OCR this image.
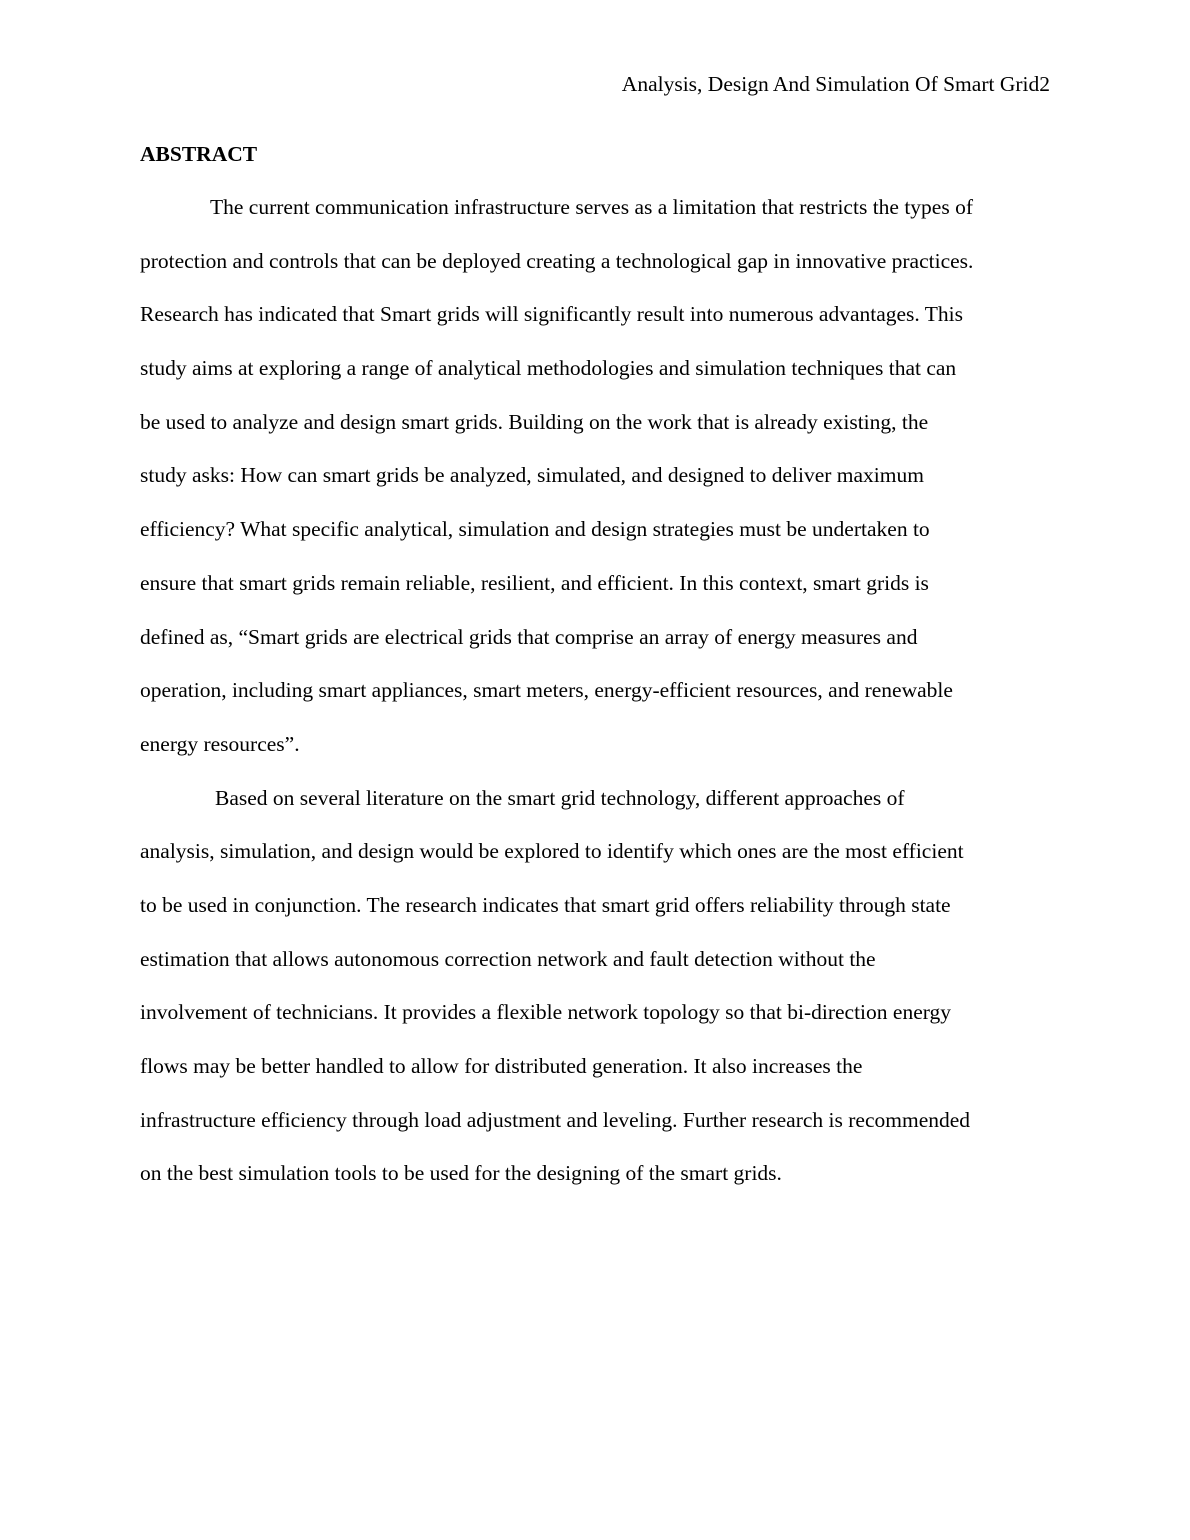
Analysis, Design And Simulation Of Smart Grid2
ABSTRACT
The current communication infrastructure serves as a limitation that restricts the types of
protection and controls that can be deployed creating a technological gap in innovative practices.
Research has indicated that Smart grids will significantly result into numerous advantages. This
study aims at exploring a range of analytical methodologies and simulation techniques that can
be used to analyze and design smart grids. Building on the work that is already existing, the
study asks: How can smart grids be analyzed, simulated, and designed to deliver maximum
efficiency? What specific analytical, simulation and design strategies must be undertaken to
ensure that smart grids remain reliable, resilient, and efficient. In this context, smart grids is
defined as, “Smart grids are electrical grids that comprise an array of energy measures and
operation, including smart appliances, smart meters, energy-efficient resources, and renewable
energy resources”.
Based on several literature on the smart grid technology, different approaches of
analysis, simulation, and design would be explored to identify which ones are the most efficient
to be used in conjunction. The research indicates that smart grid offers reliability through state
estimation that allows autonomous correction network and fault detection without the
involvement of technicians. It provides a flexible network topology so that bi-direction energy
flows may be better handled to allow for distributed generation. It also increases the
infrastructure efficiency through load adjustment and leveling. Further research is recommended
on the best simulation tools to be used for the designing of the smart grids.
